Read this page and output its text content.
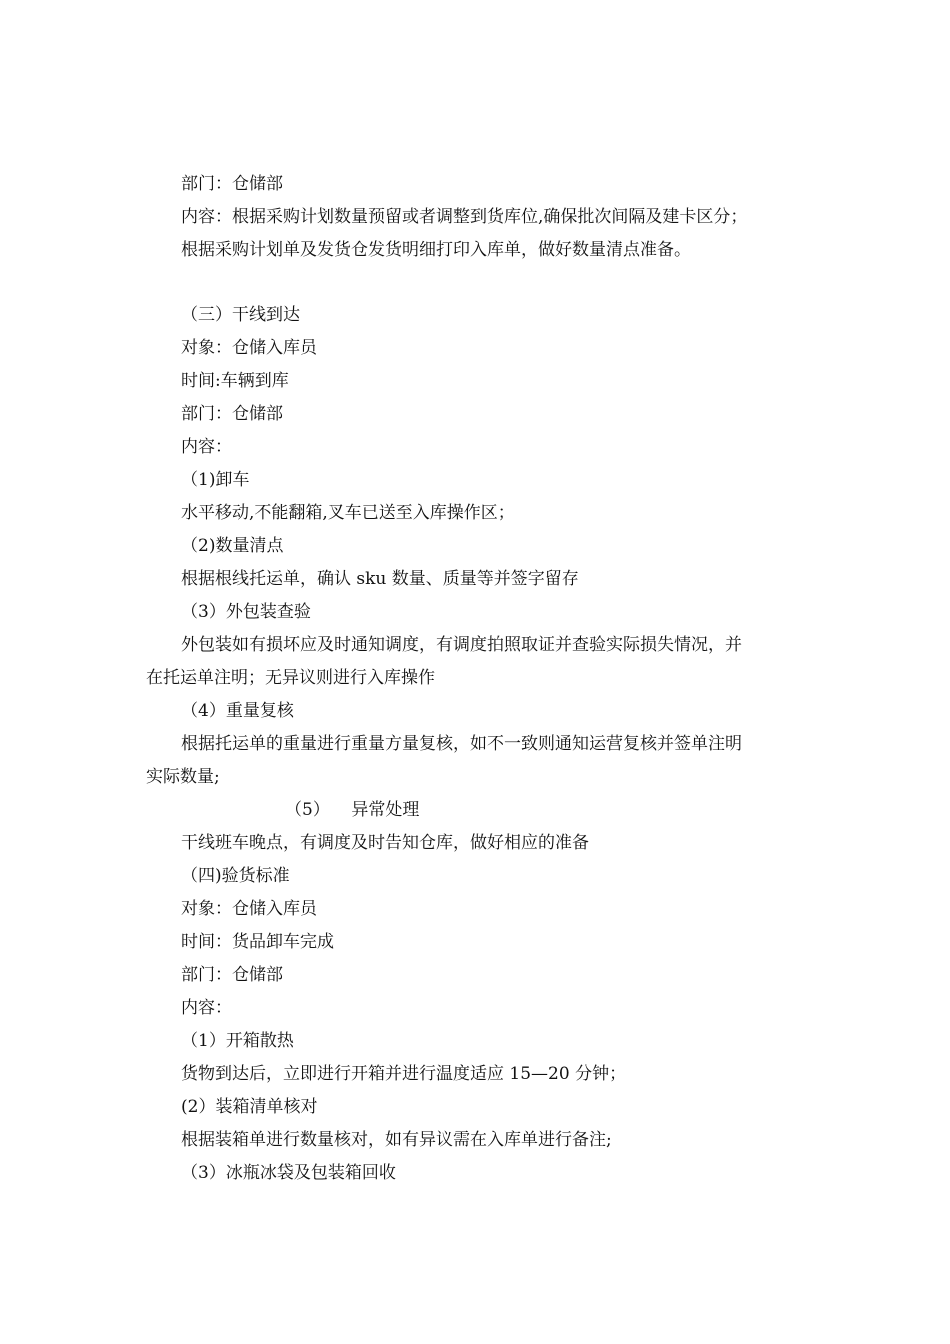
部门：仓储部
内容：根据采购计划数量预留或者调整到货库位,确保批次间隔及建卡区分；
根据采购计划单及发货仓发货明细打印入库单，做好数量清点准备。
（三）干线到达
对象：仓储入库员
时间:车辆到库
部门：仓储部
内容：
（1)卸车
水平移动,不能翻箱,叉车已送至入库操作区；
（2)数量清点
根据根线托运单，确认 sku 数量、质量等并签字留存
（3）外包装查验
外包装如有损坏应及时通知调度，有调度拍照取证并查验实际损失情况，并
在托运单注明；无异议则进行入库操作
（4）重量复核
根据托运单的重量进行重量方量复核，如不一致则通知运营复核并签单注明
实际数量;
（5）    异常处理
干线班车晚点，有调度及时告知仓库，做好相应的准备
（四)验货标准
对象：仓储入库员
时间：货品卸车完成
部门：仓储部
内容：
（1）开箱散热
货物到达后，立即进行开箱并进行温度适应 15—20 分钟；
(2）装箱清单核对
根据装箱单进行数量核对，如有异议需在入库单进行备注;
（3）冰瓶冰袋及包装箱回收
